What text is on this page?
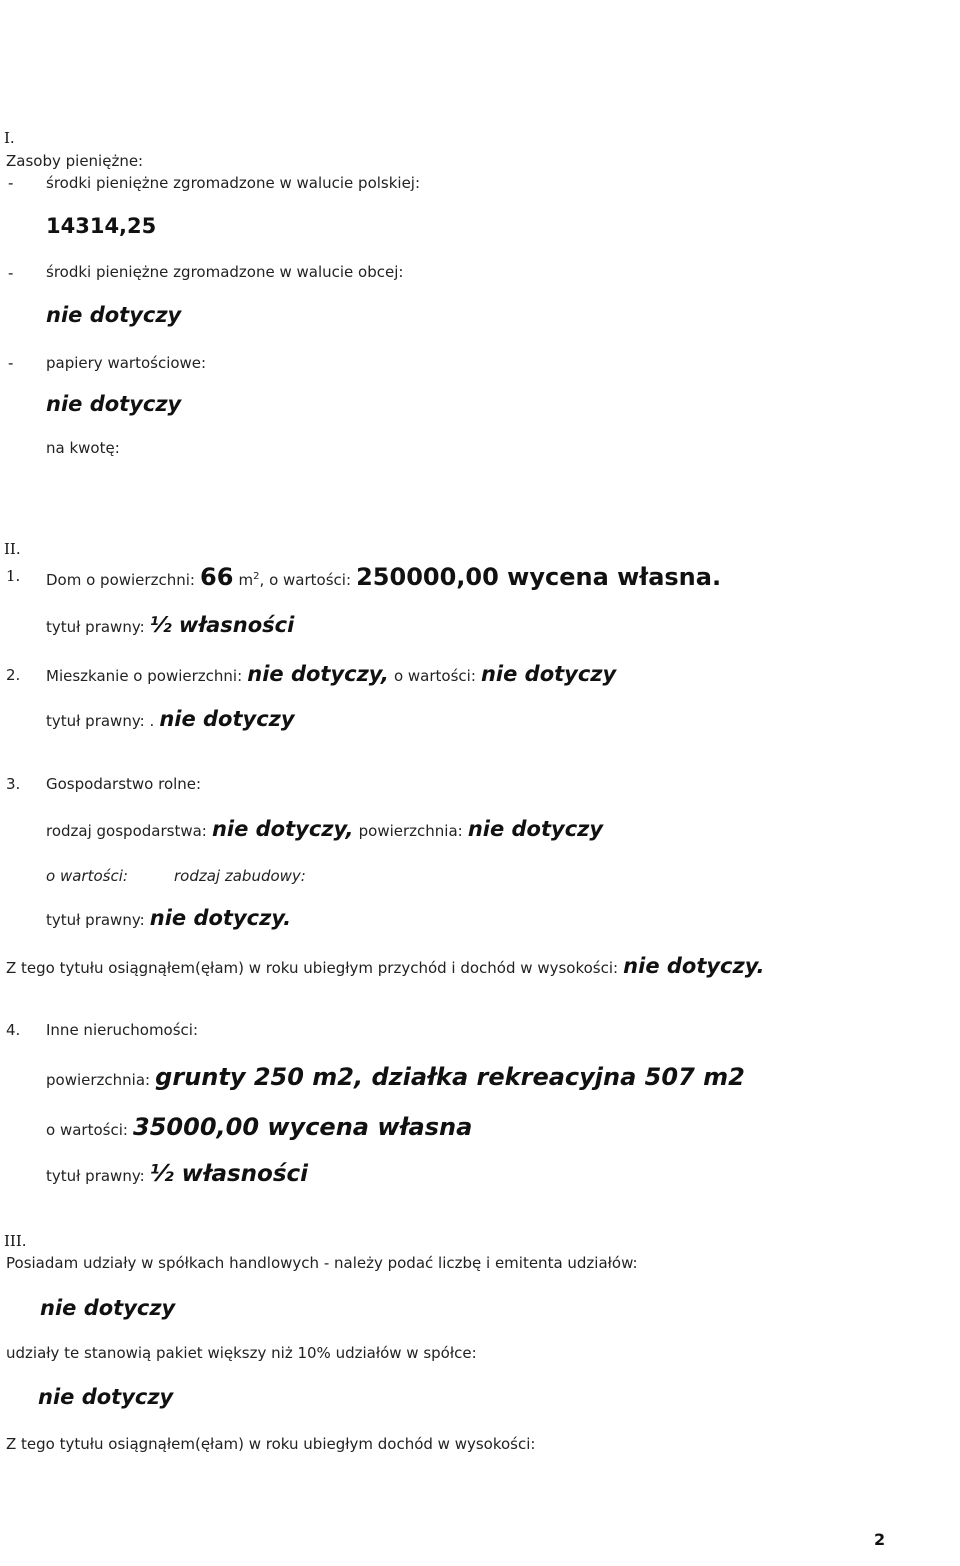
I.
Zasoby pieniężne:
- środki pieniężne zgromadzone w walucie polskiej:
14314,25
- środki pieniężne zgromadzone w walucie obcej:
nie dotyczy
- papiery wartościowe:
nie dotyczy
na kwotę:
II.
1. Dom o powierzchni: 66 $m^2$, o wartości: 250000,00 wycena własna.
tytuł prawny: ½ własności
2. Mieszkanie o powierzchni: nie dotyczy, o wartości: nie dotyczy
tytuł prawny: . nie dotyczy
3. Gospodarstwo rolne:
rodzaj gospodarstwa: nie dotyczy, powierzchnia: nie dotyczy
o wartości:	rodzaj zabudowy:
tytuł prawny: nie dotyczy.
Z tego tytułu osiągnąłem(ęłam) w roku ubiegłym przychód i dochód w wysokości: nie dotyczy.
4. Inne nieruchomości:
powierzchnia: grunty 250 m2, działka rekreacyjna 507 m2
o wartości: 35000,00 wycena własna
tytuł prawny: ½ własności
III.
Posiadam udziały w spółkach handlowych - należy podać liczbę i emitenta udziałów:
nie dotyczy
udziały te stanowią pakiet większy niż 10% udziałów w spółce:
nie dotyczy
Z tego tytułu osiągnąłem(ęłam) w roku ubiegłym dochód w wysokości:
2
